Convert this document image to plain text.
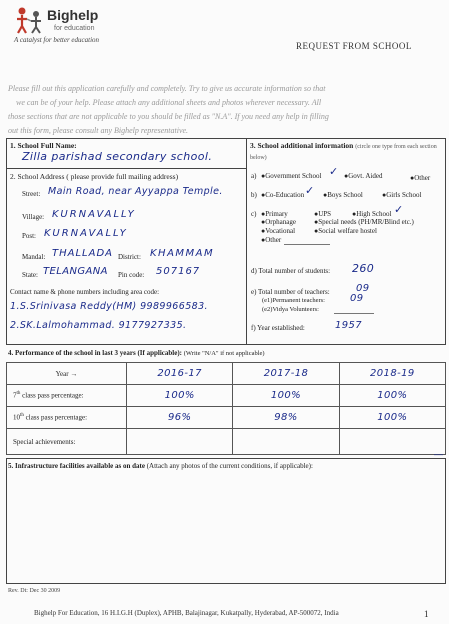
Bighelp
for education
A catalyst for better education
REQUEST FROM SCHOOL
Please fill out this application carefully and completely. Try to give us accurate information so that
we can be of your help. Please attach any additional sheets and photos wherever necessary. All
those sections that are not applicable to you should be filled as "N.A". If you need any help in filling
out this form, please consult any Bighelp representative.
1. School Full Name:
Zilla parishad secondary school.
2. School Address ( please provide full mailing address)
Street: Main Road, near Ayyappa Temple.
Village: KURNAVALLY
Post: KURNAVALLY
Mandal: THALLADA District: KHAMMAM
State: TELANGANA Pin code: 507167
Contact name & phone numbers including area code:
1.S.Srinivasa Reddy(HM) 9989966583.
2.SK.Lalmohammad. 9177927335.
3. School additional information (circle one type from each section below)
a) ●Government School ✓ ●Govt. Aided	●Other
b) ●Co-Education ✓ ●Boys School	●Girls School
c) ●Primary	●UPS	●High School ✓
●Orphanage	●Special needs (PH/MR/Blind etc.)
●Vocational	●Social welfare hostel
●Other
d) Total number of students: 260
e) Total number of teachers:	09
(e1)Permanent teachers:	09
(e2)Vidya Volunteers:
f) Year established:	1957
4. Performance of the school in last 3 years (If applicable): (Write "N/A" if not applicable)
Year →	2016-17	2017-18	2018-19
7th class pass percentage:	100%	100%	100%
10th class pass percentage:	96%	98%	100%
Special achievements:			
5. Infrastructure facilities available as on date (Attach any photos of the current conditions, if applicable):
―
Rev. Dt: Dec 30 2009
Bighelp For Education, 16 H.I.G.H (Duplex), APHB, Balajinagar, Kukatpally, Hyderabad, AP-500072, India	1
